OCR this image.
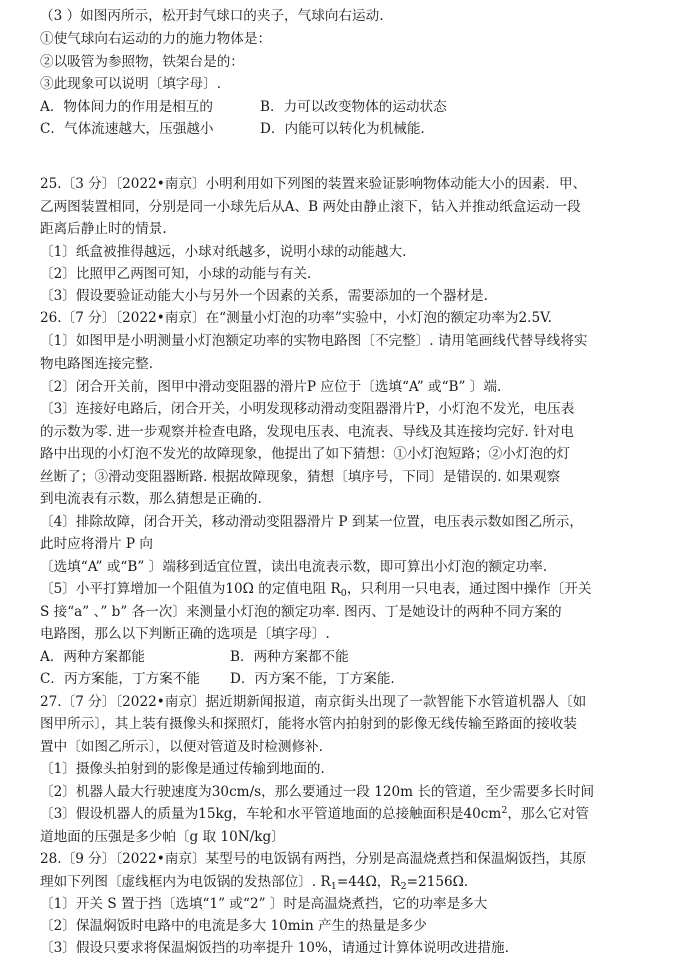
（3 ）如图丙所示，松开封气球口的夹子，气球向右运动.
①使气球向右运动的力的施力物体是：
②以吸管为参照物，铁架台是的：
③此现象可以说明〔填字母〕.
A．物体间力的作用是相互的	B．力可以改变物体的运动状态
C．气体流速越大，压强越小	D．内能可以转化为机械能.
25.〔3 分〕〔2022•南京〕小明利用如下列图的装置来验证影响物体动能大小的因素．甲、
乙两图装置相同，分别是同一小球先后从A、B 两处由静止滚下，钻入并推动纸盒运动一段
距离后静止时的情景.
〔1〕纸盒被推得越远，小球对纸越多，说明小球的动能越大.
〔2〕比照甲乙两图可知，小球的动能与有关.
〔3〕假设要验证动能大小与另外一个因素的关系，需要添加的一个器材是.
26.〔7 分〕〔2022•南京〕在“测量小灯泡的功率”实验中，小灯泡的额定功率为2.5V.
〔1〕如图甲是小明测量小灯泡额定功率的实物电路图〔不完整〕. 请用笔画线代替导线将实
物电路图连接完整.
〔2〕闭合开关前，图甲中滑动变阻器的滑片P 应位于〔选填“A” 或“B” 〕端.
〔3〕连接好电路后，闭合开关，小明发现移动滑动变阻器滑片P，小灯泡不发光，电压表
的示数为零. 进一步观察并检查电路，发现电压表、电流表、导线及其连接均完好. 针对电
路中出现的小灯泡不发光的故障现象，他提出了如下猜想：①小灯泡短路；②小灯泡的灯
丝断了；③滑动变阻器断路. 根据故障现象，猜想〔填序号，下同〕是错误的. 如果观察
到电流表有示数，那么猜想是正确的.
〔4〕排除故障，闭合开关，移动滑动变阻器滑片 P 到某一位置，电压表示数如图乙所示，
此时应将滑片 P 向
〔选填“A” 或“B” 〕端移到适宜位置，读出电流表示数，即可算出小灯泡的额定功率.
〔5〕小平打算增加一个阻值为10Ω 的定值电阻 $R_0$，只利用一只电表，通过图中操作〔开关
S 接“a” 、” b” 各一次〕来测量小灯泡的额定功率. 图丙、丁是她设计的两种不同方案的
电路图，那么以下判断正确的选项是〔填字母〕.
A．两种方案都能	B．两种方案都不能
C．丙方案能，丁方案不能 D．丙方案不能，丁方案能.
27.〔7 分〕〔2022•南京〕据近期新闻报道，南京街头出现了一款智能下水管道机器人〔如
图甲所示〕，其上装有摄像头和探照灯，能将水管内拍射到的影像无线传输至路面的接收装
置中〔如图乙所示〕，以便对管道及时检测修补.
〔1〕摄像头拍射到的影像是通过传输到地面的.
〔2〕机器人最大行驶速度为30cm/s，那么要通过一段 120m 长的管道，至少需要多长时间
〔3〕假设机器人的质量为15kg，车轮和水平管道地面的总接触面积是$40cm^2$，那么它对管
道地面的压强是多少帕〔g 取 10N/kg〕
28.〔9 分〕〔2022•南京〕某型号的电饭锅有两挡，分别是高温烧煮挡和保温焖饭挡，其原
理如下列图〔虚线框内为电饭锅的发热部位〕. $R_1=44\Omega$，$R_2=2156\Omega$.
〔1〕开关 S 置于挡〔选填“1” 或“2” 〕时是高温烧煮挡，它的功率是多大
〔2〕保温焖饭时电路中的电流是多大 10min 产生的热量是多少
〔3〕假设只要求将保温焖饭挡的功率提升 10%，请通过计算体说明改进措施.
